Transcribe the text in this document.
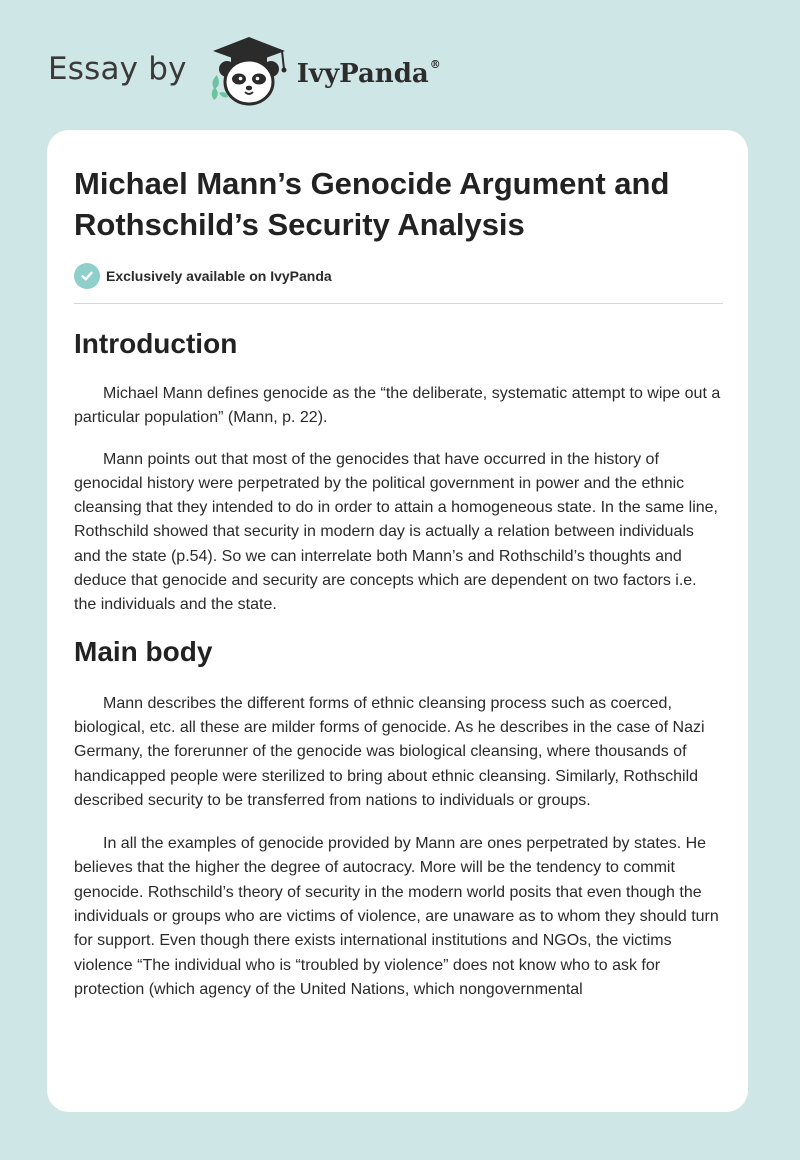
Essay by	IvyPanda®
Michael Mann’s Genocide Argument and Rothschild’s Security Analysis
Exclusively available on IvyPanda
Introduction

Michael Mann defines genocide as the “the deliberate, systematic attempt to wipe out a particular population” (Mann, p. 22).

Mann points out that most of the genocides that have occurred in the history of genocidal history were perpetrated by the political government in power and the ethnic cleansing that they intended to do in order to attain a homogeneous state. In the same line, Rothschild showed that security in modern day is actually a relation between individuals and the state (p.54). So we can interrelate both Mann’s and Rothschild’s thoughts and deduce that genocide and security are concepts which are dependent on two factors i.e. the individuals and the state.

Main body

Mann describes the different forms of ethnic cleansing process such as coerced, biological, etc. all these are milder forms of genocide. As he describes in the case of Nazi Germany, the forerunner of the genocide was biological cleansing, where thousands of handicapped people were sterilized to bring about ethnic cleansing. Similarly, Rothschild described security to be transferred from nations to individuals or groups.

In all the examples of genocide provided by Mann are ones perpetrated by states. He believes that the higher the degree of autocracy. More will be the tendency to commit genocide. Rothschild’s theory of security in the modern world posits that even though the individuals or groups who are victims of violence, are unaware as to whom they should turn for support. Even though there exists international institutions and NGOs, the victims violence “The individual who is “troubled by violence” does not know who to ask for protection (which agency of the United Nations, which nongovernmental
